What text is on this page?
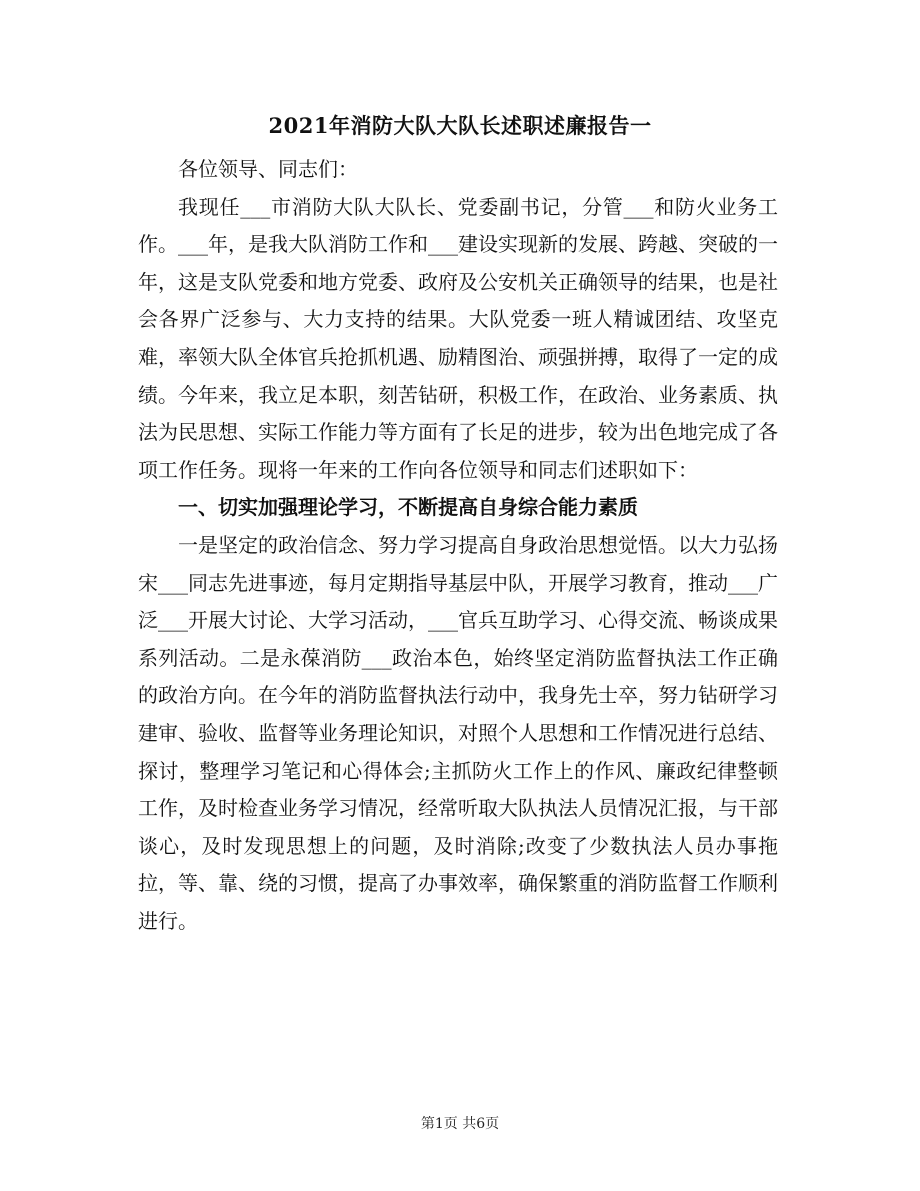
2021年消防大队大队长述职述廉报告一

各位领导、同志们：

我现任___市消防大队大队长、党委副书记，分管___和防火业务工作。___年，是我大队消防工作和___建设实现新的发展、跨越、突破的一年，这是支队党委和地方党委、政府及公安机关正确领导的结果，也是社会各界广泛参与、大力支持的结果。大队党委一班人精诚团结、攻坚克难，率领大队全体官兵抢抓机遇、励精图治、顽强拼搏，取得了一定的成绩。今年来，我立足本职，刻苦钻研，积极工作，在政治、业务素质、执法为民思想、实际工作能力等方面有了长足的进步，较为出色地完成了各项工作任务。现将一年来的工作向各位领导和同志们述职如下：

一、切实加强理论学习，不断提高自身综合能力素质

一是坚定的政治信念、努力学习提高自身政治思想觉悟。以大力弘扬宋___同志先进事迹，每月定期指导基层中队，开展学习教育，推动___广泛___开展大讨论、大学习活动，___官兵互助学习、心得交流、畅谈成果系列活动。二是永葆消防___政治本色，始终坚定消防监督执法工作正确的政治方向。在今年的消防监督执法行动中，我身先士卒，努力钻研学习建审、验收、监督等业务理论知识，对照个人思想和工作情况进行总结、探讨，整理学习笔记和心得体会;主抓防火工作上的作风、廉政纪律整顿工作，及时检查业务学习情况，经常听取大队执法人员情况汇报，与干部谈心，及时发现思想上的问题，及时消除;改变了少数执法人员办事拖拉，等、靠、绕的习惯，提高了办事效率，确保繁重的消防监督工作顺利进行。

第1页 共6页
